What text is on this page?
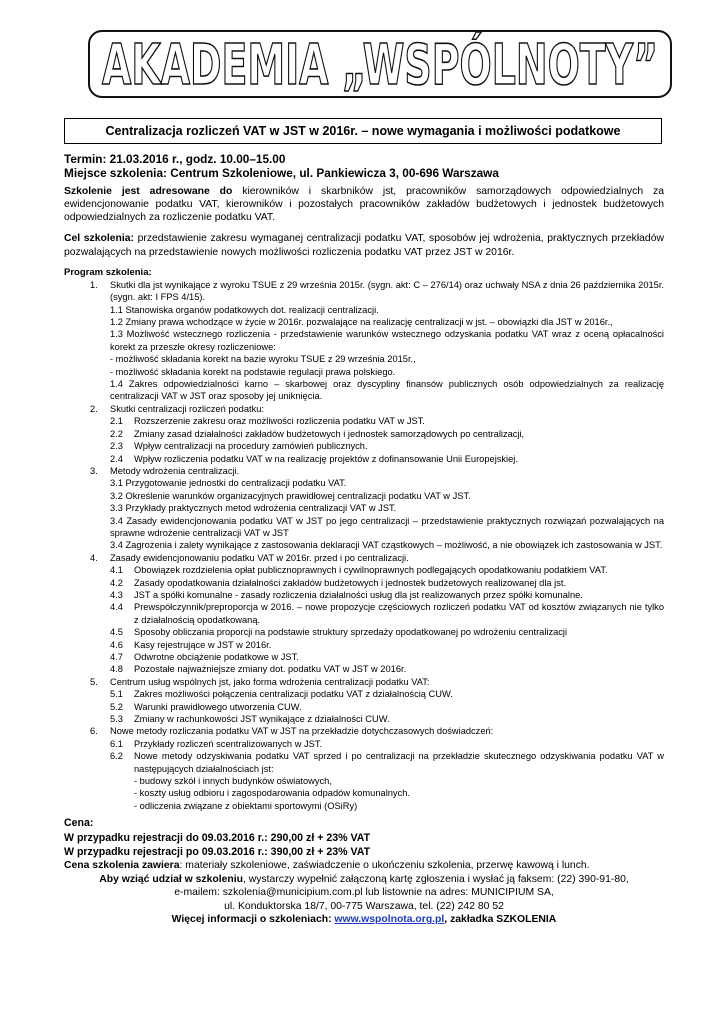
AKADEMIA „WSPÓLNOTY”
Centralizacja rozliczeń VAT w JST w 2016r. – nowe wymagania i możliwości podatkowe

Termin: 21.03.2016 r., godz. 10.00–15.00

Miejsce szkolenia: Centrum Szkoleniowe, ul. Pankiewicza 3, 00-696 Warszawa

Szkolenie jest adresowane do kierowników i skarbników jst, pracowników samorządowych odpowiedzialnych za ewidencjonowanie podatku VAT, kierowników i pozostałych pracowników zakładów budżetowych i jednostek budżetowych odpowiedzialnych za rozliczenie podatku VAT.

Cel szkolenia: przedstawienie zakresu wymaganej centralizacji podatku VAT, sposobów jej wdrożenia, praktycznych przekładów pozwalających na przedstawienie nowych możliwości rozliczenia podatku VAT przez JST w 2016r.

Program szkolenia:

1.	Skutki dla jst wynikające z wyroku TSUE z 29 września 2015r. (sygn. akt: C – 276/14) oraz uchwały NSA z dnia 26 października 2015r. (sygn. akt: I FPS 4/15).

1.1 Stanowiska organów podatkowych dot. realizacji centralizacji.

1.2 Zmiany prawa wchodzące w życie w 2016r. pozwalające na realizację centralizacji w jst. – obowiązki dla JST w 2016r.,

1.3 Możliwość wstecznego rozliczenia - przedstawienie warunków wstecznego odzyskania podatku VAT wraz z oceną opłacalności korekt za przeszłe okresy rozliczeniowe:

- możliwość składania korekt na bazie wyroku TSUE z 29 września 2015r.,

- możliwość składania korekt na podstawie regulacji prawa polskiego.

1.4 Zakres odpowiedzialności karno – skarbowej oraz dyscypliny finansów publicznych osób odpowiedzialnych za realizację centralizacji VAT w JST oraz sposoby jej uniknięcia.

2.	Skutki centralizacji rozliczeń podatku:
2.1	Rozszerzenie zakresu oraz możliwości rozliczenia podatku VAT w JST.
2.2	Zmiany zasad działalności zakładów budżetowych i jednostek samorządowych po centralizacji,
2.3	Wpływ centralizacji na procedury zamówień publicznych.
2.4	Wpływ rozliczenia podatku VAT w na realizację projektów z dofinansowanie Unii Europejskiej.
3.	Metody wdrożenia centralizacji.

3.1 Przygotowanie jednostki do centralizacji podatku VAT.

3.2 Określenie warunków organizacyjnych prawidłowej centralizacji podatku VAT w JST.

3.3 Przykłady praktycznych metod wdrożenia centralizacji VAT w JST.

3.4 Zasady ewidencjonowania podatku VAT w JST po jego centralizacji – przedstawienie praktycznych rozwiązań pozwalających na sprawne wdrożenie centralizacji VAT w JST

3.4 Zagrożenia i zalety wynikające z zastosowania deklaracji VAT cząstkowych – możliwość, a nie obowiązek ich zastosowania w JST.

4.	Zasady ewidencjonowaniu podatku VAT w 2016r. przed i po centralizacji.
4.1	Obowiązek rozdzielenia opłat publicznoprawnych i cywilnoprawnych podlegających opodatkowaniu podatkiem VAT.
4.2	Zasady opodatkowania działalności zakładów budżetowych i jednostek budżetowych realizowanej dla jst.
4.3	JST a spółki komunalne - zasady rozliczenia działalności usług dla jst realizowanych przez spółki komunalne.
4.4	Prewspółczynnik/preproporcja w 2016. – nowe propozycje częściowych rozliczeń podatku VAT od kosztów związanych nie tylko z działalnością opodatkowaną.
4.5	Sposoby obliczania proporcji na podstawie struktury sprzedaży opodatkowanej po wdrożeniu centralizacji
4.6	Kasy rejestrujące w JST w 2016r.
4.7	Odwrotne obciążenie podatkowe w JST.
4.8	Pozostałe najważniejsze zmiany dot. podatku VAT w JST w 2016r.
5.	Centrum usług wspólnych jst, jako forma wdrożenia centralizacji podatku VAT:
5.1	Zakres możliwości połączenia centralizacji podatku VAT z działalnością CUW.
5.2	Warunki prawidłowego utworzenia CUW.
5.3	Zmiany w rachunkowości JST wynikające z działalności CUW.
6.	Nowe metody rozliczania podatku VAT w JST na przekładzie dotychczasowych doświadczeń:
6.1	Przykłady rozliczeń scentralizowanych w JST.
6.2	Nowe metody odzyskiwania podatku VAT sprzed i po centralizacji na przekładzie skutecznego odzyskiwania podatku VAT w następujących działalnościach jst:

- budowy szkół i innych budynków oświatowych,

- koszty usług odbioru i zagospodarowania odpadów komunalnych.

- odliczenia związane z obiektami sportowymi (OSiRy)

Cena:

W przypadku rejestracji do 09.03.2016 r.: 290,00 zł + 23% VAT

W przypadku rejestracji po 09.03.2016 r.: 390,00 zł + 23% VAT

Cena szkolenia zawiera: materiały szkoleniowe, zaświadczenie o ukończeniu szkolenia, przerwę kawową i lunch.

Aby wziąć udział w szkoleniu, wystarczy wypełnić załączoną kartę zgłoszenia i wysłać ją faksem: (22) 390-91-80,

e-mailem: szkolenia@municipium.com.pl lub listownie na adres: MUNICIPIUM SA,

ul. Konduktorska 18/7, 00-775 Warszawa, tel. (22) 242 80 52

Więcej informacji o szkoleniach: www.wspolnota.org.pl, zakładka SZKOLENIA
